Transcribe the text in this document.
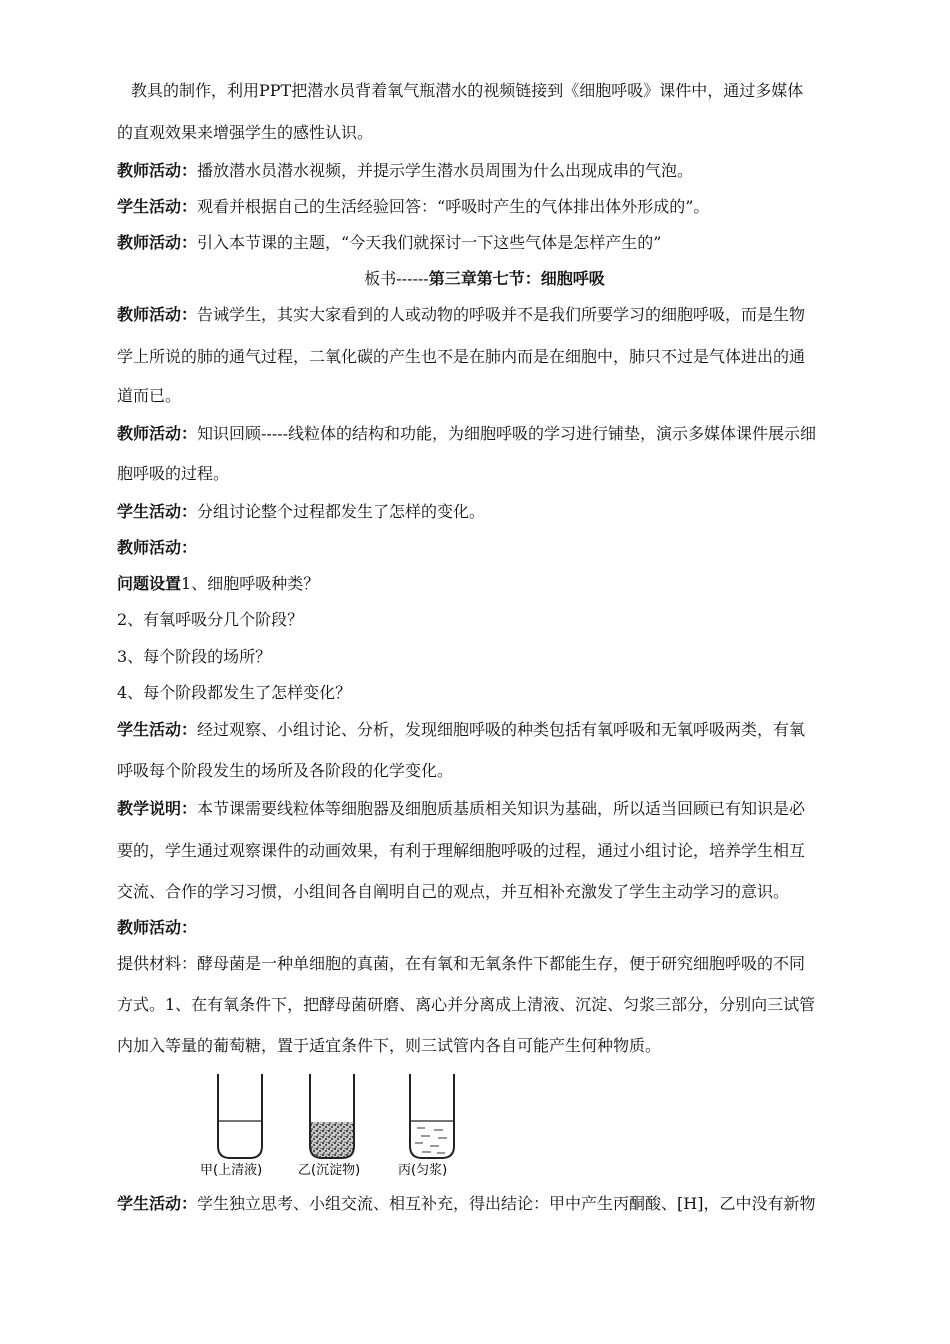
教具的制作，利用PPT把潜水员背着氧气瓶潜水的视频链接到《细胞呼吸》课件中，通过多媒体

的直观效果来增强学生的感性认识。

教师活动：播放潜水员潜水视频，并提示学生潜水员周围为什么出现成串的气泡。

学生活动：观看并根据自己的生活经验回答：“呼吸时产生的气体排出体外形成的”。

教师活动：引入本节课的主题，“今天我们就探讨一下这些气体是怎样产生的”

板书------第三章第七节：细胞呼吸

教师活动：告诫学生，其实大家看到的人或动物的呼吸并不是我们所要学习的细胞呼吸，而是生物

学上所说的肺的通气过程，二氧化碳的产生也不是在肺内而是在细胞中，肺只不过是气体进出的通

道而已。

教师活动：知识回顾-----线粒体的结构和功能，为细胞呼吸的学习进行铺垫，演示多媒体课件展示细

胞呼吸的过程。

学生活动：分组讨论整个过程都发生了怎样的变化。

教师活动：

问题设置1、细胞呼吸种类？

2、有氧呼吸分几个阶段？

3、每个阶段的场所？

4、每个阶段都发生了怎样变化？

学生活动：经过观察、小组讨论、分析，发现细胞呼吸的种类包括有氧呼吸和无氧呼吸两类，有氧

呼吸每个阶段发生的场所及各阶段的化学变化。

教学说明：本节课需要线粒体等细胞器及细胞质基质相关知识为基础，所以适当回顾已有知识是必

要的，学生通过观察课件的动画效果，有利于理解细胞呼吸的过程，通过小组讨论，培养学生相互

交流、合作的学习习惯，小组间各自阐明自己的观点，并互相补充激发了学生主动学习的意识。

教师活动：

提供材料：酵母菌是一种单细胞的真菌，在有氧和无氧条件下都能生存，便于研究细胞呼吸的不同

方式。1、在有氧条件下，把酵母菌研磨、离心并分离成上清液、沉淀、匀浆三部分，分别向三试管

内加入等量的葡萄糖，置于适宜条件下，则三试管内各自可能产生何种物质。

甲(上清液)	乙(沉淀物)	丙(匀浆)

学生活动：学生独立思考、小组交流、相互补充，得出结论：甲中产生丙酮酸、[H]，乙中没有新物
